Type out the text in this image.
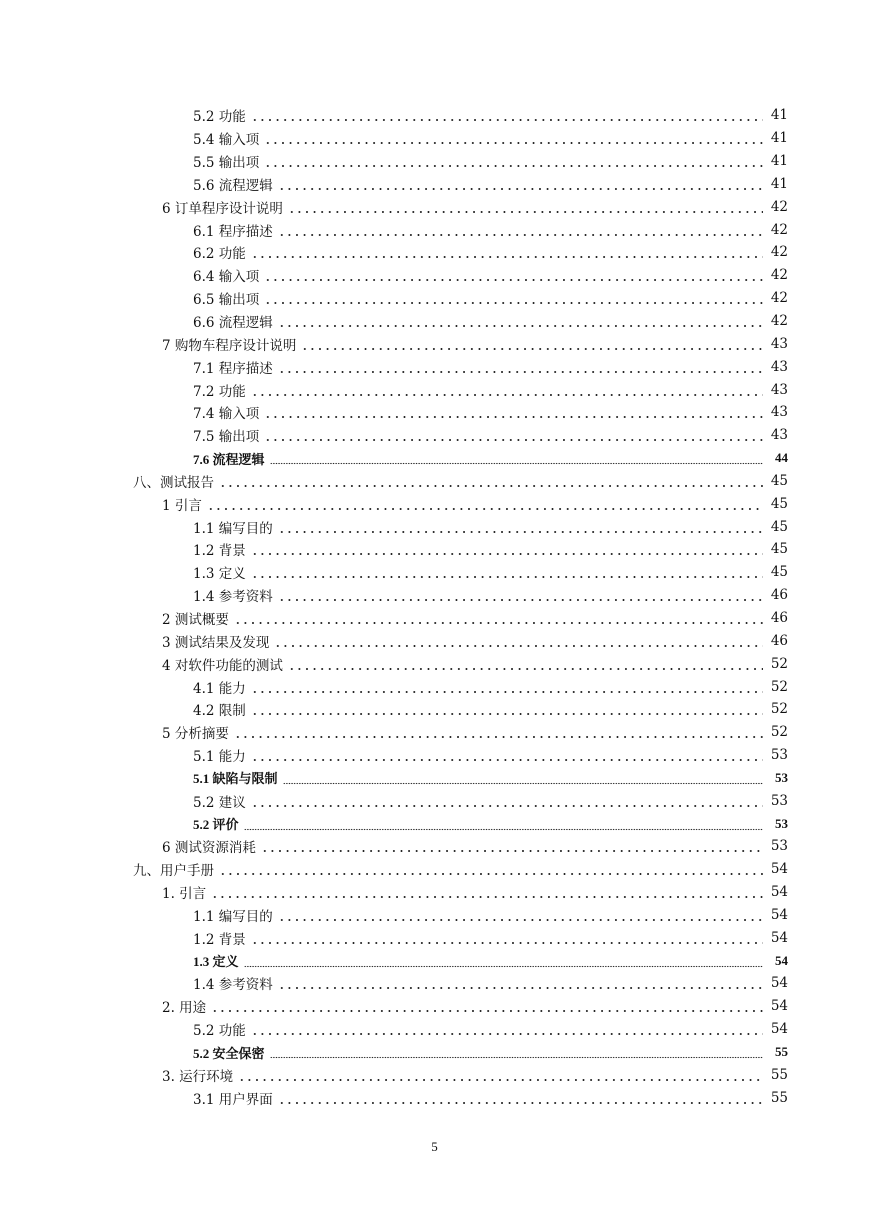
5.2 功能	41
5.4 输入项	41
5.5 输出项	41
5.6 流程逻辑	41
6 订单程序设计说明	42
6.1 程序描述	42
6.2 功能	42
6.4 输入项	42
6.5 输出项	42
6.6 流程逻辑	42
7 购物车程序设计说明	43
7.1 程序描述	43
7.2 功能	43
7.4 输入项	43
7.5 输出项	43
7.6 流程逻辑	44
八、测试报告	45
1 引言	45
1.1 编写目的	45
1.2 背景	45
1.3 定义	45
1.4 参考资料	46
2 测试概要	46
3 测试结果及发现	46
4 对软件功能的测试	52
4.1 能力	52
4.2 限制	52
5 分析摘要	52
5.1 能力	53
5.1 缺陷与限制	53
5.2 建议	53
5.2 评价	53
6 测试资源消耗	53
九、用户手册	54
1. 引言	54
1.1 编写目的	54
1.2 背景	54
1.3 定义	54
1.4 参考资料	54
2. 用途	54
5.2 功能	54
5.2 安全保密	55
3. 运行环境	55
3.1 用户界面	55
5
